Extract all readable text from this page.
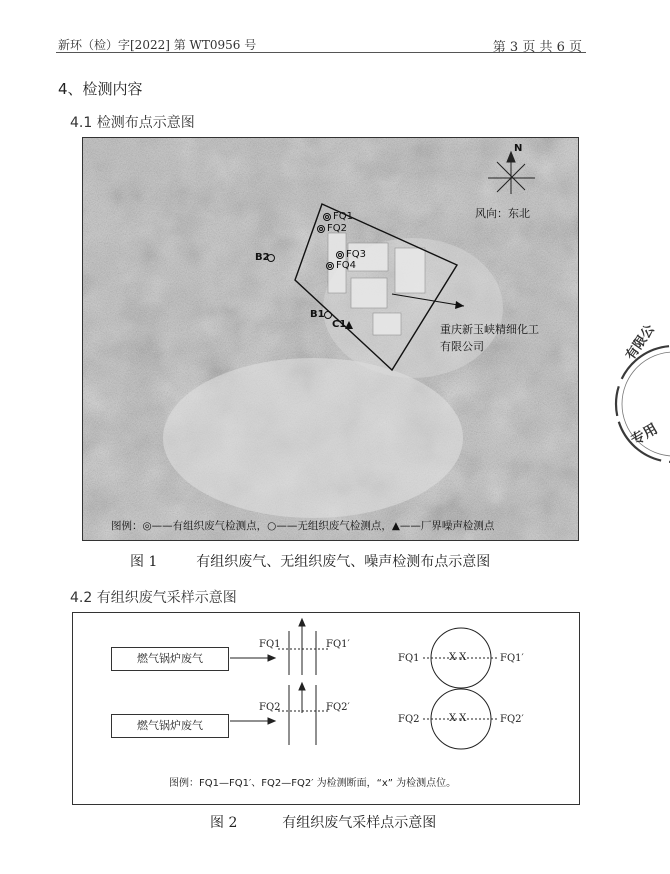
新环（检）字[2022] 第 WT0956 号	第 3 页 共 6 页
4、检测内容
4.1 检测布点示意图
N
风向：东北
FQ1
FQ2
FQ3
FQ4
B2
B1
C1	重庆新玉峡精细化工
有限公司
图例：◎——有组织废气检测点，○——无组织废气检测点，▲——厂界噪声检测点
图 1	有组织废气、无组织废气、噪声检测布点示意图
4.2 有组织废气采样示意图
燃气锅炉废气
燃气锅炉废气
FQ1	FQ1′
FQ1	X X	FQ1′
FQ2	FQ2′
FQ2	X X	FQ2′
图例：FQ1—FQ1′、FQ2—FQ2′ 为检测断面，“x” 为检测点位。
图 2	有组织废气采样点示意图
有限公
专用
